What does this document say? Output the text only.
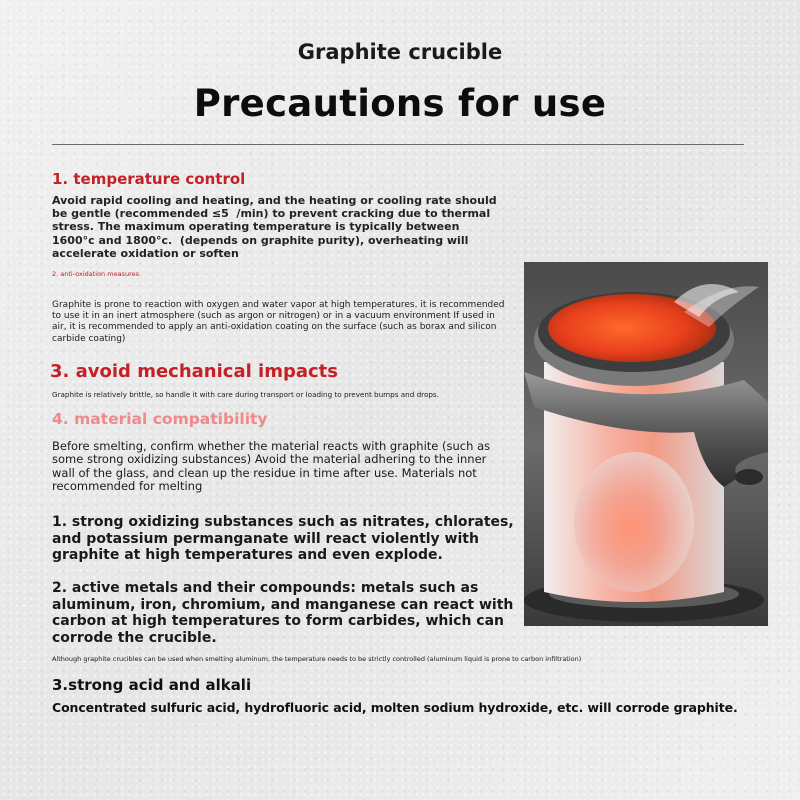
Graphite crucible
Precautions for use
1. temperature control
Avoid rapid cooling and heating, and the heating or cooling rate should be gentle (recommended ≤5 ￼ /min) to prevent cracking due to thermal stress. The maximum operating temperature is typically between 1600°c and 1800°c. ￼ (depends on graphite purity), overheating will accelerate oxidation or soften
2. anti-oxidation measures
Graphite is prone to reaction with oxygen and water vapor at high temperatures. it is recommended to use it in an inert atmosphere (such as argon or nitrogen) or in a vacuum environment If used in air, it is recommended to apply an anti-oxidation coating on the surface (such as borax and silicon carbide coating)
3. avoid mechanical impacts
Graphite is relatively brittle, so handle it with care during transport or loading to prevent bumps and drops.
4. material compatibility
Before smelting, confirm whether the material reacts with graphite (such as some strong oxidizing substances) Avoid the material adhering to the inner wall of the glass, and clean up the residue in time after use. Materials not recommended for melting
1. strong oxidizing substances such as nitrates, chlorates, and potassium permanganate will react violently with graphite at high temperatures and even explode.
2. active metals and their compounds: metals such as aluminum, iron, chromium, and manganese can react with carbon at high temperatures to form carbides, which can corrode the crucible.
Although graphite crucibles can be used when smelting aluminum, the temperature needs to be strictly controlled (aluminum liquid is prone to carbon infiltration)
3.strong acid and alkali
Concentrated sulfuric acid, hydrofluoric acid, molten sodium hydroxide, etc. will corrode graphite.
